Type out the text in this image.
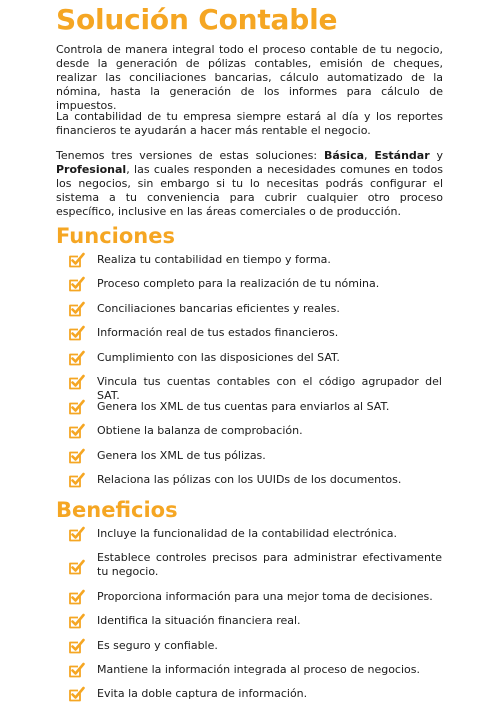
Solución Contable

Controla de manera integral todo el proceso contable de tu negocio, desde la generación de pólizas contables, emisión de cheques, realizar las conciliaciones bancarias, cálculo automatizado de la nómina, hasta la generación de los informes para cálculo de impuestos.

La contabilidad de tu empresa siempre estará al día y los reportes financieros te ayudarán a hacer más rentable el negocio.

Tenemos tres versiones de estas soluciones: Básica, Estándar y Profesional, las cuales responden a necesidades comunes en todos los negocios, sin embargo si tu lo necesitas podrás configurar el sistema a tu conveniencia para cubrir cualquier otro proceso específico, inclusive en las áreas comerciales o de producción.

Funciones
Realiza tu contabilidad en tiempo y forma.
Proceso completo para la realización de tu nómina.
Conciliaciones bancarias eficientes y reales.
Información real de tus estados financieros.
Cumplimiento con las disposiciones del SAT.
Vincula tus cuentas contables con el código agrupador del SAT.
Genera los XML de tus cuentas para enviarlos al SAT.
Obtiene la balanza de comprobación.
Genera los XML de tus pólizas.
Relaciona las pólizas con los UUIDs de los documentos.
Beneficios
Incluye la funcionalidad de la contabilidad electrónica.
Establece controles precisos para administrar efectivamente tu negocio.
Proporciona información para una mejor toma de decisiones.
Identifica la situación financiera real.
Es seguro y confiable.
Mantiene la información integrada al proceso de negocios.
Evita la doble captura de información.
